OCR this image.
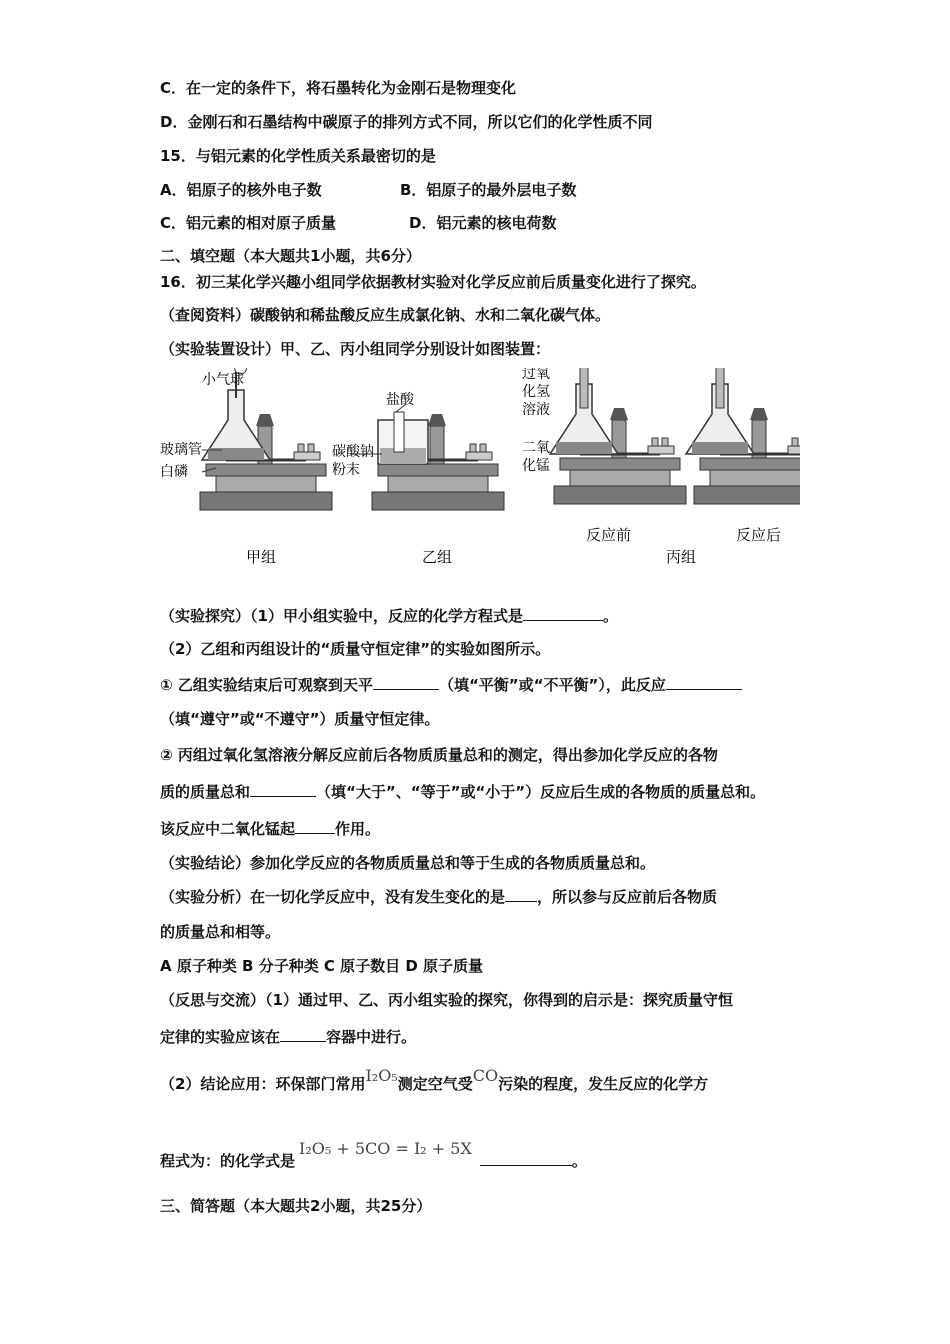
C．在一定的条件下，将石墨转化为金刚石是物理变化
D．金刚石和石墨结构中碳原子的排列方式不同，所以它们的化学性质不同
15．与铝元素的化学性质关系最密切的是
A．铝原子的核外电子数	B．铝原子的最外层电子数
C．铝元素的相对原子质量	D．铝元素的核电荷数
二、填空题（本大题共1小题，共6分）
16．初三某化学兴趣小组同学依据教材实验对化学反应前后质量变化进行了探究。
（查阅资料）碳酸钠和稀盐酸反应生成氯化钠、水和二氧化碳气体。
（实验装置设计）甲、乙、丙小组同学分别设计如图装置：
小气球
玻璃管
白磷
盐酸
碳酸钠
粉末
过氧
化氢
溶液
二氧
化锰
甲组	乙组
反应前	反应后
丙组
（实验探究）（1）甲小组实验中，反应的化学方程式是	。
（2）乙组和丙组设计的“质量守恒定律”的实验如图所示。
① 乙组实验结束后可观察到天平	（填“平衡”或“不平衡”），此反应
（填“遵守”或“不遵守”）质量守恒定律。
② 丙组过氧化氢溶液分解反应前后各物质质量总和的测定，得出参加化学反应的各物
质的质量总和	（填“大于”、“等于”或“小于”）反应后生成的各物质的质量总和。
该反应中二氧化锰起	作用。
（实验结论）参加化学反应的各物质质量总和等于生成的各物质质量总和。
（实验分析）在一切化学反应中，没有发生变化的是 ，所以参与反应前后各物质
的质量总和相等。
A 原子种类 B 分子种类 C 原子数目 D 原子质量
（反思与交流）（1）通过甲、乙、丙小组实验的探究，你得到的启示是：探究质量守恒
定律的实验应该在	容器中进行。
（2）结论应用：环保部门常用I₂O₅测定空气受CO污染的程度，发生反应的化学方
程式为：的化学式是I₂O₅ + 5CO = I₂ + 5X。
三、简答题（本大题共2小题，共25分）
